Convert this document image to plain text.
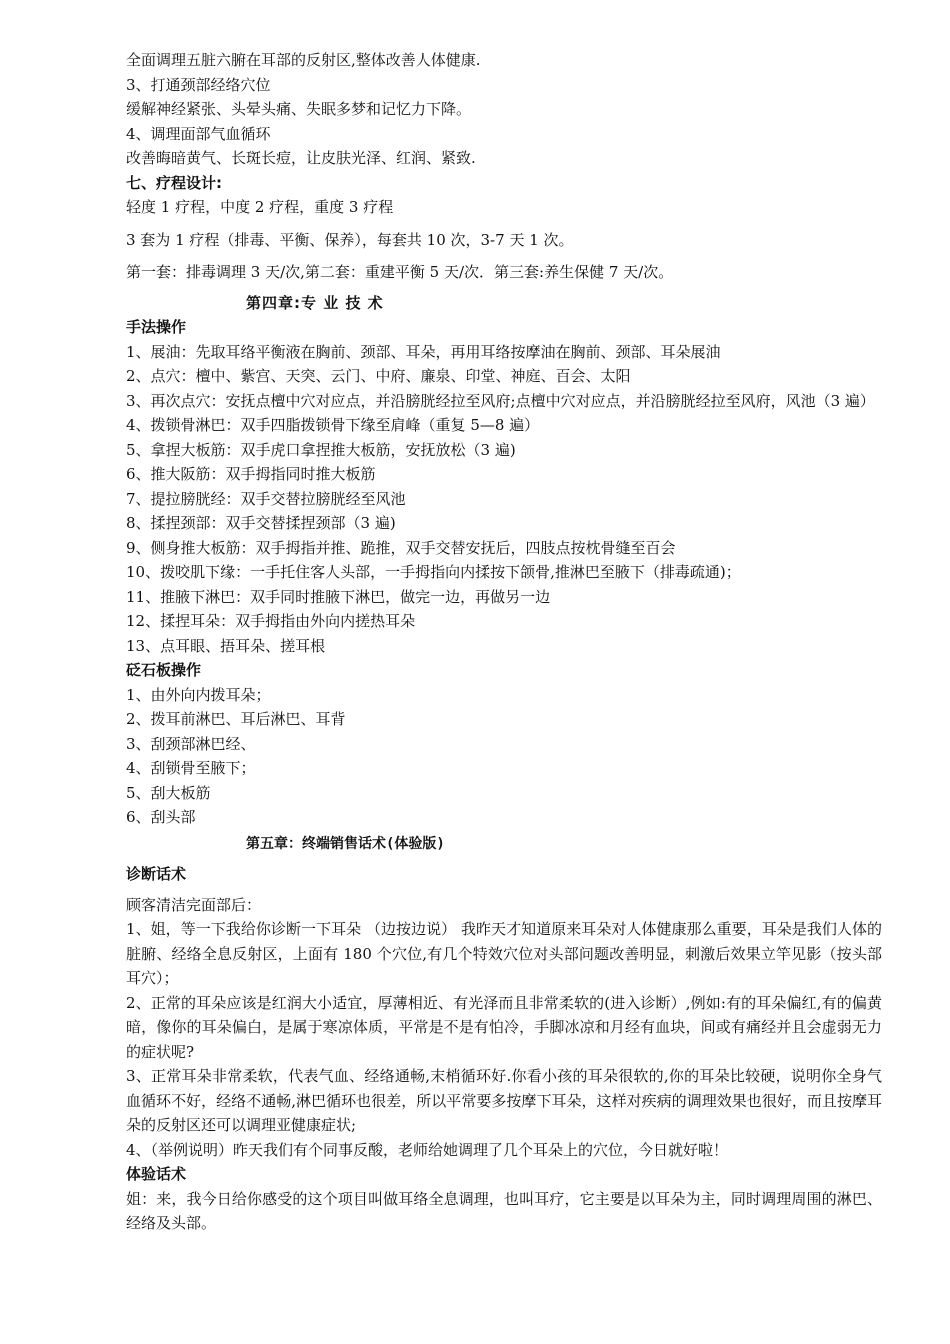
全面调理五脏六腑在耳部的反射区,整体改善人体健康.
3、打通颈部经络穴位
缓解神经紧张、头晕头痛、失眠多梦和记忆力下降。
4、调理面部气血循环
改善晦暗黄气、长斑长痘，让皮肤光泽、红润、紧致.
七、疗程设计:
轻度 1 疗程，中度 2 疗程，重度 3 疗程
3 套为 1 疗程（排毒、平衡、保养），每套共 10 次，3-7 天 1 次。
第一套：排毒调理 3 天/次,第二套：重建平衡 5 天/次．第三套:养生保健 7 天/次。
第四章:专 业 技 术
手法操作
1、展油：先取耳络平衡液在胸前、颈部、耳朵，再用耳络按摩油在胸前、颈部、耳朵展油
2、点穴：檀中、紫宫、天突、云门、中府、廉泉、印堂、神庭、百会、太阳
3、再次点穴：安抚点檀中穴对应点，并沿膀胱经拉至风府;点檀中穴对应点，并沿膀胱经拉至风府，风池（3 遍）
4、拨锁骨淋巴：双手四脂拨锁骨下缘至肩峰（重复 5—8 遍）
5、拿捏大板筋：双手虎口拿捏推大板筋，安抚放松（3 遍)
6、推大阪筋：双手拇指同时推大板筋
7、提拉膀胱经：双手交替拉膀胱经至风池
8、揉捏颈部：双手交替揉捏颈部（3 遍)
9、侧身推大板筋：双手拇指并推、跪推，双手交替安抚后，四肢点按枕骨缝至百会
10、拨咬肌下缘：一手托住客人头部，一手拇指向内揉按下颌骨,推淋巴至腋下（排毒疏通)；
11、推腋下淋巴：双手同时推腋下淋巴，做完一边，再做另一边
12、揉捏耳朵：双手拇指由外向内搓热耳朵
13、点耳眼、捂耳朵、搓耳根
砭石板操作
1、由外向内拨耳朵；
2、拨耳前淋巴、耳后淋巴、耳背
3、刮颈部淋巴经、
4、刮锁骨至腋下；
5、刮大板筋
6、刮头部
第五章：终端销售话术(体验版)
诊断话术
顾客清洁完面部后：
1、姐，等一下我给你诊断一下耳朵 （边按边说） 我昨天才知道原来耳朵对人体健康那么重要，耳朵是我们人体的脏腑、经络全息反射区，上面有 180 个穴位,有几个特效穴位对头部问题改善明显，刺激后效果立竿见影（按头部耳穴）；
2、正常的耳朵应该是红润大小适宜，厚薄相近、有光泽而且非常柔软的(进入诊断）,例如:有的耳朵偏红,有的偏黄暗，像你的耳朵偏白，是属于寒凉体质，平常是不是有怕冷，手脚冰凉和月经有血块，间或有痛经并且会虚弱无力的症状呢?
3、正常耳朵非常柔软，代表气血、经络通畅,末梢循环好.你看小孩的耳朵很软的,你的耳朵比较硬，说明你全身气血循环不好，经络不通畅,淋巴循环也很差，所以平常要多按摩下耳朵，这样对疾病的调理效果也很好，而且按摩耳朵的反射区还可以调理亚健康症状;
4、（举例说明）昨天我们有个同事反酸，老师给她调理了几个耳朵上的穴位，今日就好啦！
体验话术
姐：来，我今日给你感受的这个项目叫做耳络全息调理，也叫耳疗，它主要是以耳朵为主，同时调理周围的淋巴、经络及头部。
